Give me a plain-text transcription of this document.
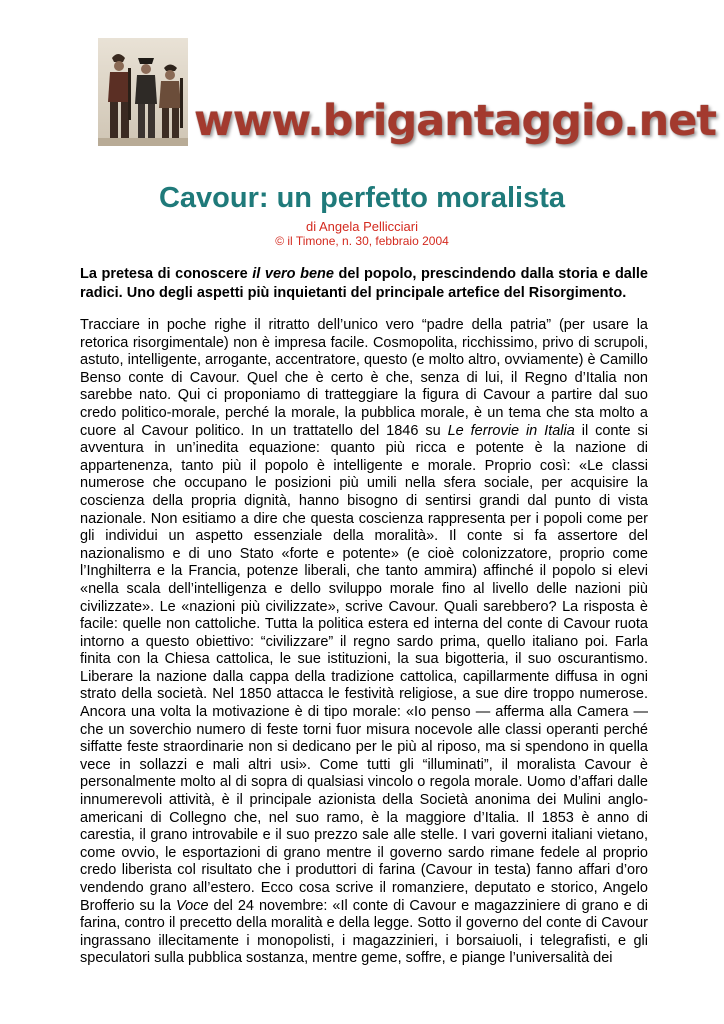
www.brigantaggio.net
Cavour: un perfetto moralista
di Angela Pellicciari
© il Timone, n. 30, febbraio 2004

La pretesa di conoscere il vero bene del popolo, prescindendo dalla storia e dalle radici. Uno degli aspetti più inquietanti del principale artefice del Risorgimento.

Tracciare in poche righe il ritratto dell’unico vero “padre della patria” (per usare la retorica risorgimentale) non è impresa facile. Cosmopolita, ricchissimo, privo di scrupoli, astuto, intelligente, arrogante, accentratore, questo (e molto altro, ovviamente) è Camillo Benso conte di Cavour. Quel che è certo è che, senza di lui, il Regno d’Italia non sarebbe nato. Qui ci proponiamo di tratteggiare la figura di Cavour a partire dal suo credo politico-morale, perché la morale, la pubblica morale, è un tema che sta molto a cuore al Cavour politico. In un trattatello del 1846 su Le ferrovie in Italia il conte si avventura in un’inedita equazione: quanto più ricca e potente è la nazione di appartenenza, tanto più il popolo è intelligente e morale. Proprio così: «Le classi numerose che occupano le posizioni più umili nella sfera sociale, per acquisire la coscienza della propria dignità, hanno bisogno di sentirsi grandi dal punto di vista nazionale. Non esitiamo a dire che questa coscienza rappresenta per i popoli come per gli individui un aspetto essenziale della moralità». Il conte si fa assertore del nazionalismo e di uno Stato «forte e potente» (e cioè colonizzatore, proprio come l’Inghilterra e la Francia, potenze liberali, che tanto ammira) affinché il popolo si elevi «nella scala dell’intelligenza e dello sviluppo morale fino al livello delle nazioni più civilizzate». Le «nazioni più civilizzate», scrive Cavour. Quali sarebbero? La risposta è facile: quelle non cattoliche. Tutta la politica estera ed interna del conte di Cavour ruota intorno a questo obiettivo: “civilizzare” il regno sardo prima, quello italiano poi. Farla finita con la Chiesa cattolica, le sue istituzioni, la sua bigotteria, il suo oscurantismo. Liberare la nazione dalla cappa della tradizione cattolica, capillarmente diffusa in ogni strato della società. Nel 1850 attacca le festività religiose, a sue dire troppo numerose. Ancora una volta la motivazione è di tipo morale: «Io penso — afferma alla Camera — che un soverchio numero di feste torni fuor misura nocevole alle classi operanti perché siffatte feste straordinarie non si dedicano per le più al riposo, ma si spendono in quella vece in sollazzi e mali altri usi». Come tutti gli “illuminati”, il moralista Cavour è personalmente molto al di sopra di qualsiasi vincolo o regola morale. Uomo d’affari dalle innumerevoli attività, è il principale azionista della Società anonima dei Mulini anglo-americani di Collegno che, nel suo ramo, è la maggiore d’Italia. Il 1853 è anno di carestia, il grano introvabile e il suo prezzo sale alle stelle. I vari governi italiani vietano, come ovvio, le esportazioni di grano mentre il governo sardo rimane fedele al proprio credo liberista col risultato che i produttori di farina (Cavour in testa) fanno affari d’oro vendendo grano all’estero. Ecco cosa scrive il romanziere, deputato e storico, Angelo Brofferio su la Voce del 24 novembre: «Il conte di Cavour e magazziniere di grano e di farina, contro il precetto della moralità e della legge. Sotto il governo del conte di Cavour ingrassano illecitamente i monopolisti, i magazzinieri, i borsaiuoli, i telegrafisti, e gli speculatori sulla pubblica sostanza, mentre geme, soffre, e piange l’universalità dei
